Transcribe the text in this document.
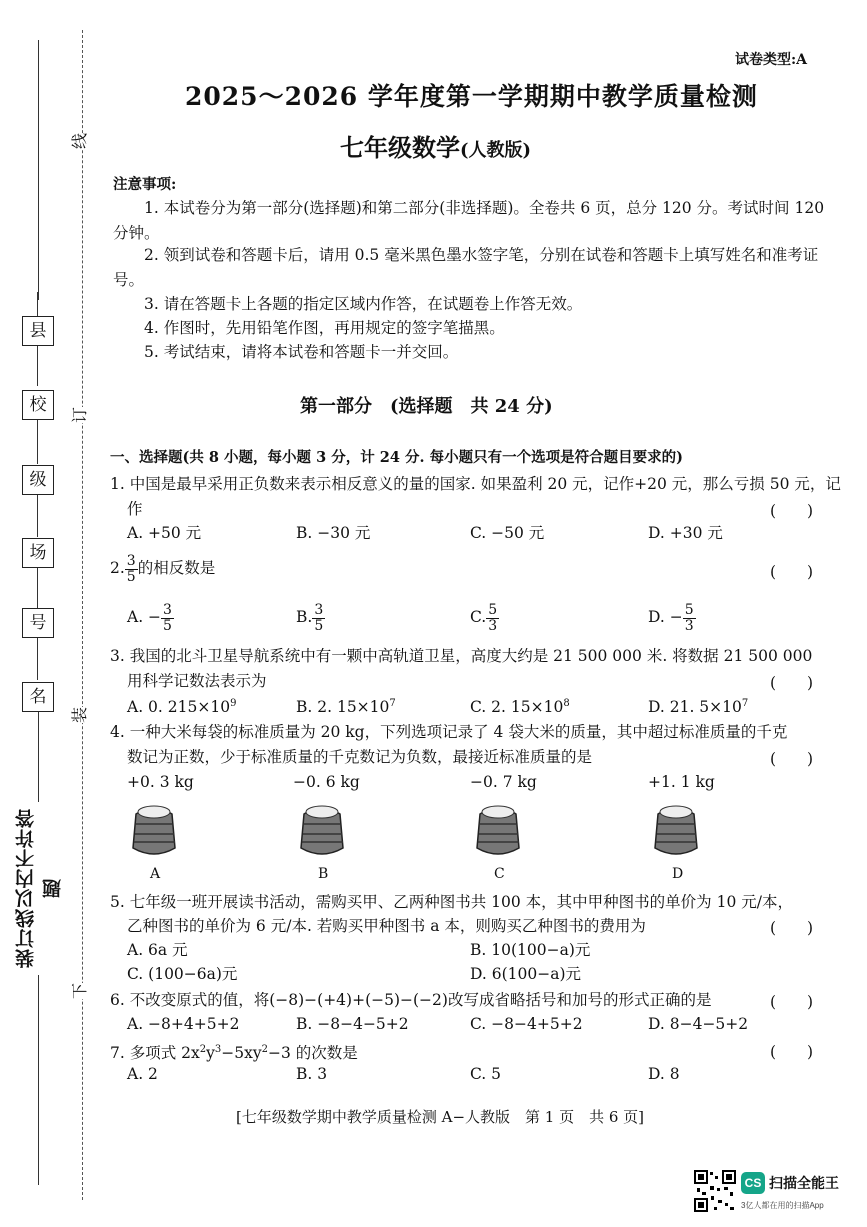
县
校
级
场
号
名
装订线以内不许答题
线
订
装
下
试卷类型:A
2025～2026 学年度第一学期期中教学质量检测
七年级数学(人教版)
注意事项:
1. 本试卷分为第一部分(选择题)和第二部分(非选择题)。全卷共 6 页，总分 120 分。考试时间 120 分钟。
2. 领到试卷和答题卡后，请用 0.5 毫米黑色墨水签字笔，分别在试卷和答题卡上填写姓名和准考证号。
3. 请在答题卡上各题的指定区域内作答，在试题卷上作答无效。
4. 作图时，先用铅笔作图，再用规定的签字笔描黑。
5. 考试结束，请将本试卷和答题卡一并交回。
第一部分　(选择题　共 24 分)
一、选择题(共 8 小题，每小题 3 分，计 24 分. 每小题只有一个选项是符合题目要求的)
1. 中国是最早采用正负数来表示相反意义的量的国家. 如果盈利 20 元，记作+20 元，那么亏损 50 元，记
作	(　　)
A. +50 元	B. −30 元	C. −50 元	D. +30 元
2. $\frac{3}{5}$ 的相反数是	(　　)
A. − $\frac{3}{5}$	B. $\frac{3}{5}$	C. $\frac{5}{3}$	D. − $\frac{5}{3}$
3. 我国的北斗卫星导航系统中有一颗中高轨道卫星，高度大约是 21 500 000 米. 将数据 21 500 000
用科学记数法表示为	(　　)
A. 0. $215\times 10^9$	B. 2. $15\times 10^7$	C. 2. $15\times 10^8$	D. 21. $5\times 10^7$
4. 一种大米每袋的标准质量为 20 kg，下列选项记录了 4 袋大米的质量，其中超过标准质量的千克
数记为正数，少于标准质量的千克数记为负数，最接近标准质量的是	(　　)
+0. 3 kg	−0. 6 kg	−0. 7 kg	+1. 1 kg
A	B	C	D
5. 七年级一班开展读书活动，需购买甲、乙两种图书共 100 本，其中甲种图书的单价为 10 元/本，
乙种图书的单价为 6 元/本. 若购买甲种图书 a 本，则购买乙种图书的费用为	(　　)
A. 6a 元	B. 10(100−a)元
C. (100−6a)元	D. 6(100−a)元
6. 不改变原式的值，将(−8)−(+4)+(−5)−(−2)改写成省略括号和加号的形式正确的是	(　　)
A. −8+4+5+2	B. −8−4−5+2	C. −8−4+5+2	D. 8−4−5+2
7. 多项式 $2x^2y^3-5xy^2-3$ 的次数是	(　　)
A. 2	B. 3	C. 5	D. 8
[七年级数学期中教学质量检测 A−人教版　第 1 页　共 6 页]
CS 扫描全能王
3亿人都在用的扫描App
